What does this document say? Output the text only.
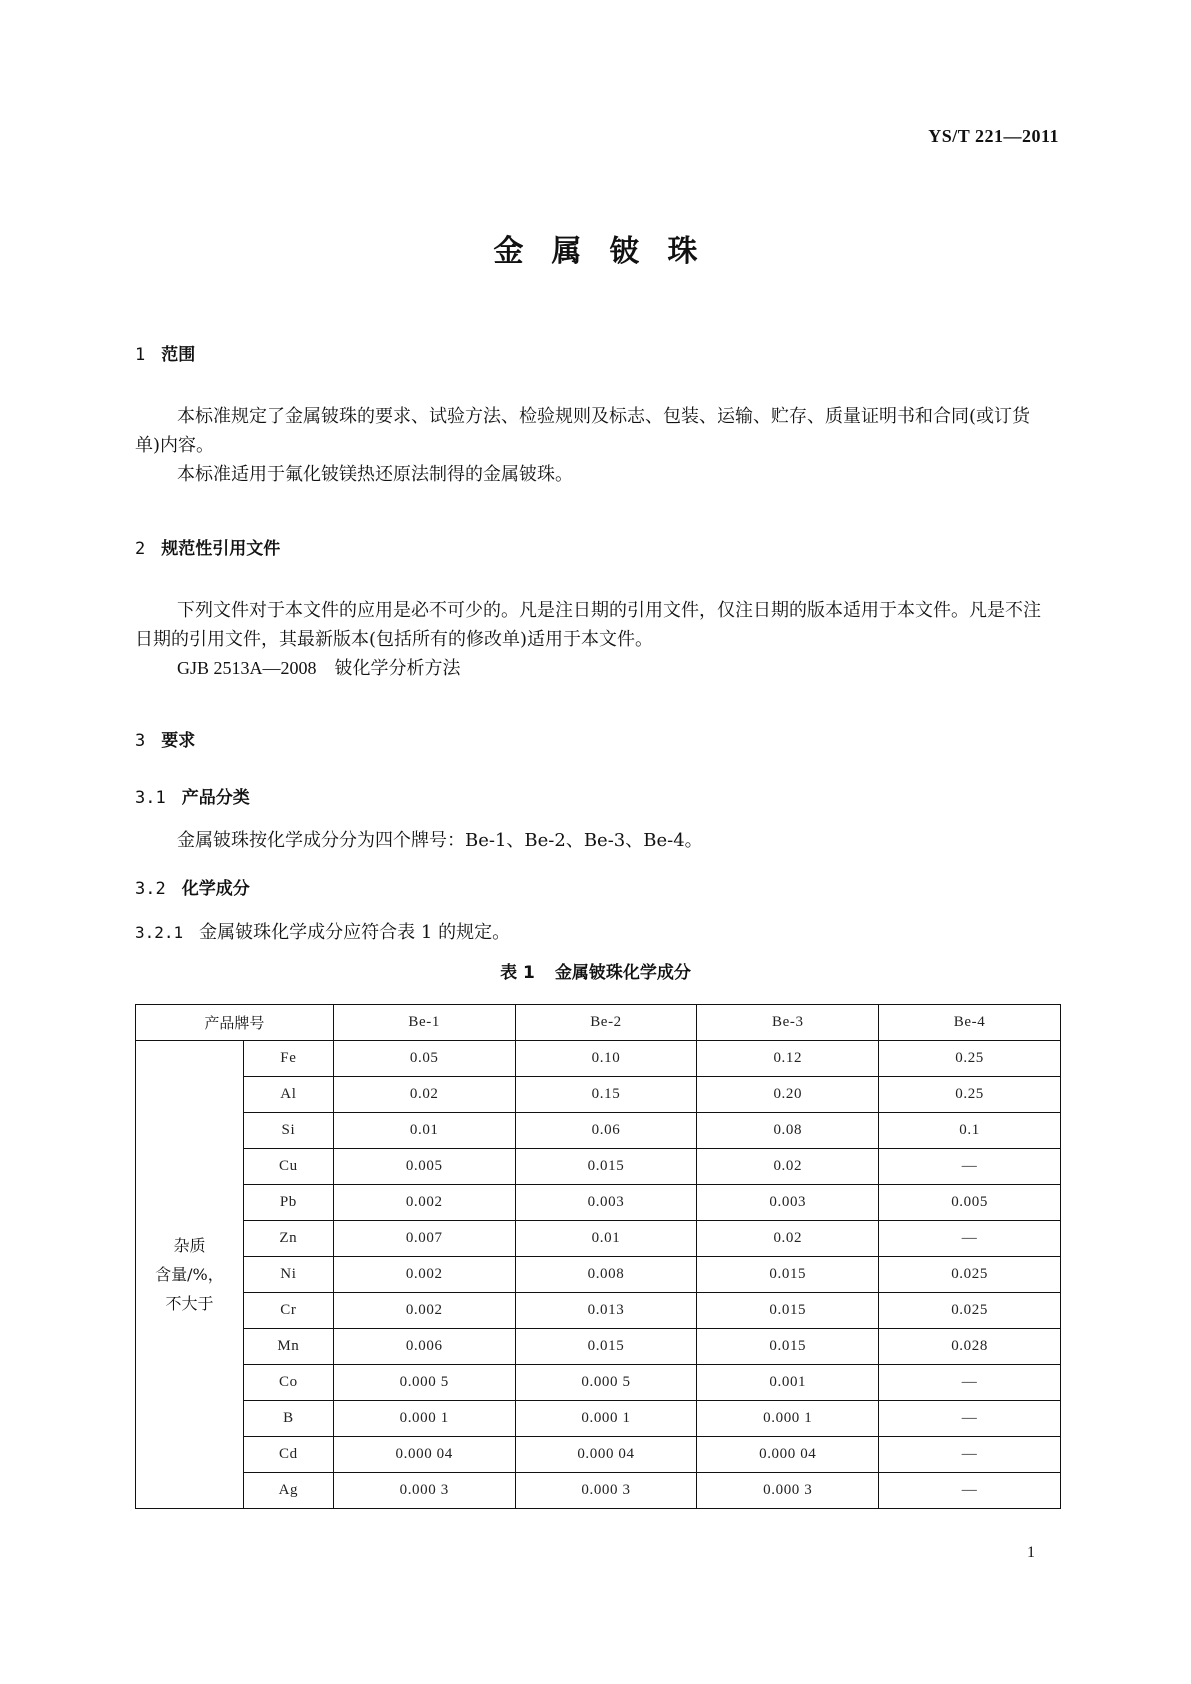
YS/T 221—2011
金属铍珠
1 范围

本标准规定了金属铍珠的要求、试验方法、检验规则及标志、包装、运输、贮存、质量证明书和合同(或订货单)内容。

本标准适用于氟化铍镁热还原法制得的金属铍珠。

2 规范性引用文件

下列文件对于本文件的应用是必不可少的。凡是注日期的引用文件，仅注日期的版本适用于本文件。凡是不注日期的引用文件，其最新版本(包括所有的修改单)适用于本文件。

GJB 2513A—2008　铍化学分析方法

3 要求
3.1 产品分类

金属铍珠按化学成分分为四个牌号：Be-1、Be-2、Be-3、Be-4。

3.2 化学成分
3.2.1 金属铍珠化学成分应符合表 1 的规定。
表 1 金属铍珠化学成分
产品牌号		Be-1	Be-2	Be-3	Be-4
杂质
含量/%，
不大于	Fe	0.05	0.10	0.12	0.25
	Al	0.02	0.15	0.20	0.25
	Si	0.01	0.06	0.08	0.1
	Cu	0.005	0.015	0.02	—
	Pb	0.002	0.003	0.003	0.005
	Zn	0.007	0.01	0.02	—
	Ni	0.002	0.008	0.015	0.025
	Cr	0.002	0.013	0.015	0.025
	Mn	0.006	0.015	0.015	0.028
	Co	0.000 5	0.000 5	0.001	—
	B	0.000 1	0.000 1	0.000 1	—
	Cd	0.000 04	0.000 04	0.000 04	—
	Ag	0.000 3	0.000 3	0.000 3	—
1
